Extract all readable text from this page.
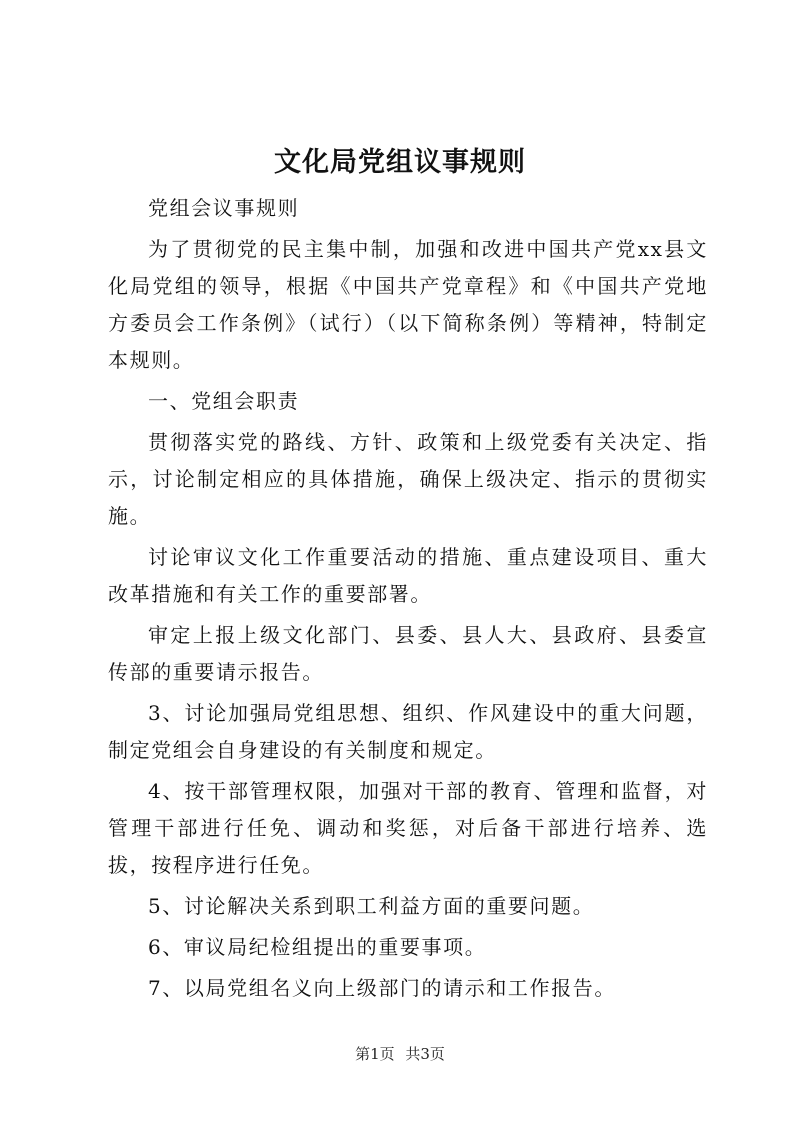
文化局党组议事规则

党组会议事规则

为了贯彻党的民主集中制，加强和改进中国共产党xx县文化局党组的领导，根据《中国共产党章程》和《中国共产党地方委员会工作条例》（试行）（以下简称条例）等精神，特制定本规则。

一、党组会职责

贯彻落实党的路线、方针、政策和上级党委有关决定、指示，讨论制定相应的具体措施，确保上级决定、指示的贯彻实施。

讨论审议文化工作重要活动的措施、重点建设项目、重大改革措施和有关工作的重要部署。

审定上报上级文化部门、县委、县人大、县政府、县委宣传部的重要请示报告。

3、讨论加强局党组思想、组织、作风建设中的重大问题，制定党组会自身建设的有关制度和规定。

4、按干部管理权限，加强对干部的教育、管理和监督，对管理干部进行任免、调动和奖惩，对后备干部进行培养、选拔，按程序进行任免。

5、讨论解决关系到职工利益方面的重要问题。

6、审议局纪检组提出的重要事项。

7、以局党组名义向上级部门的请示和工作报告。

第1页 共3页
